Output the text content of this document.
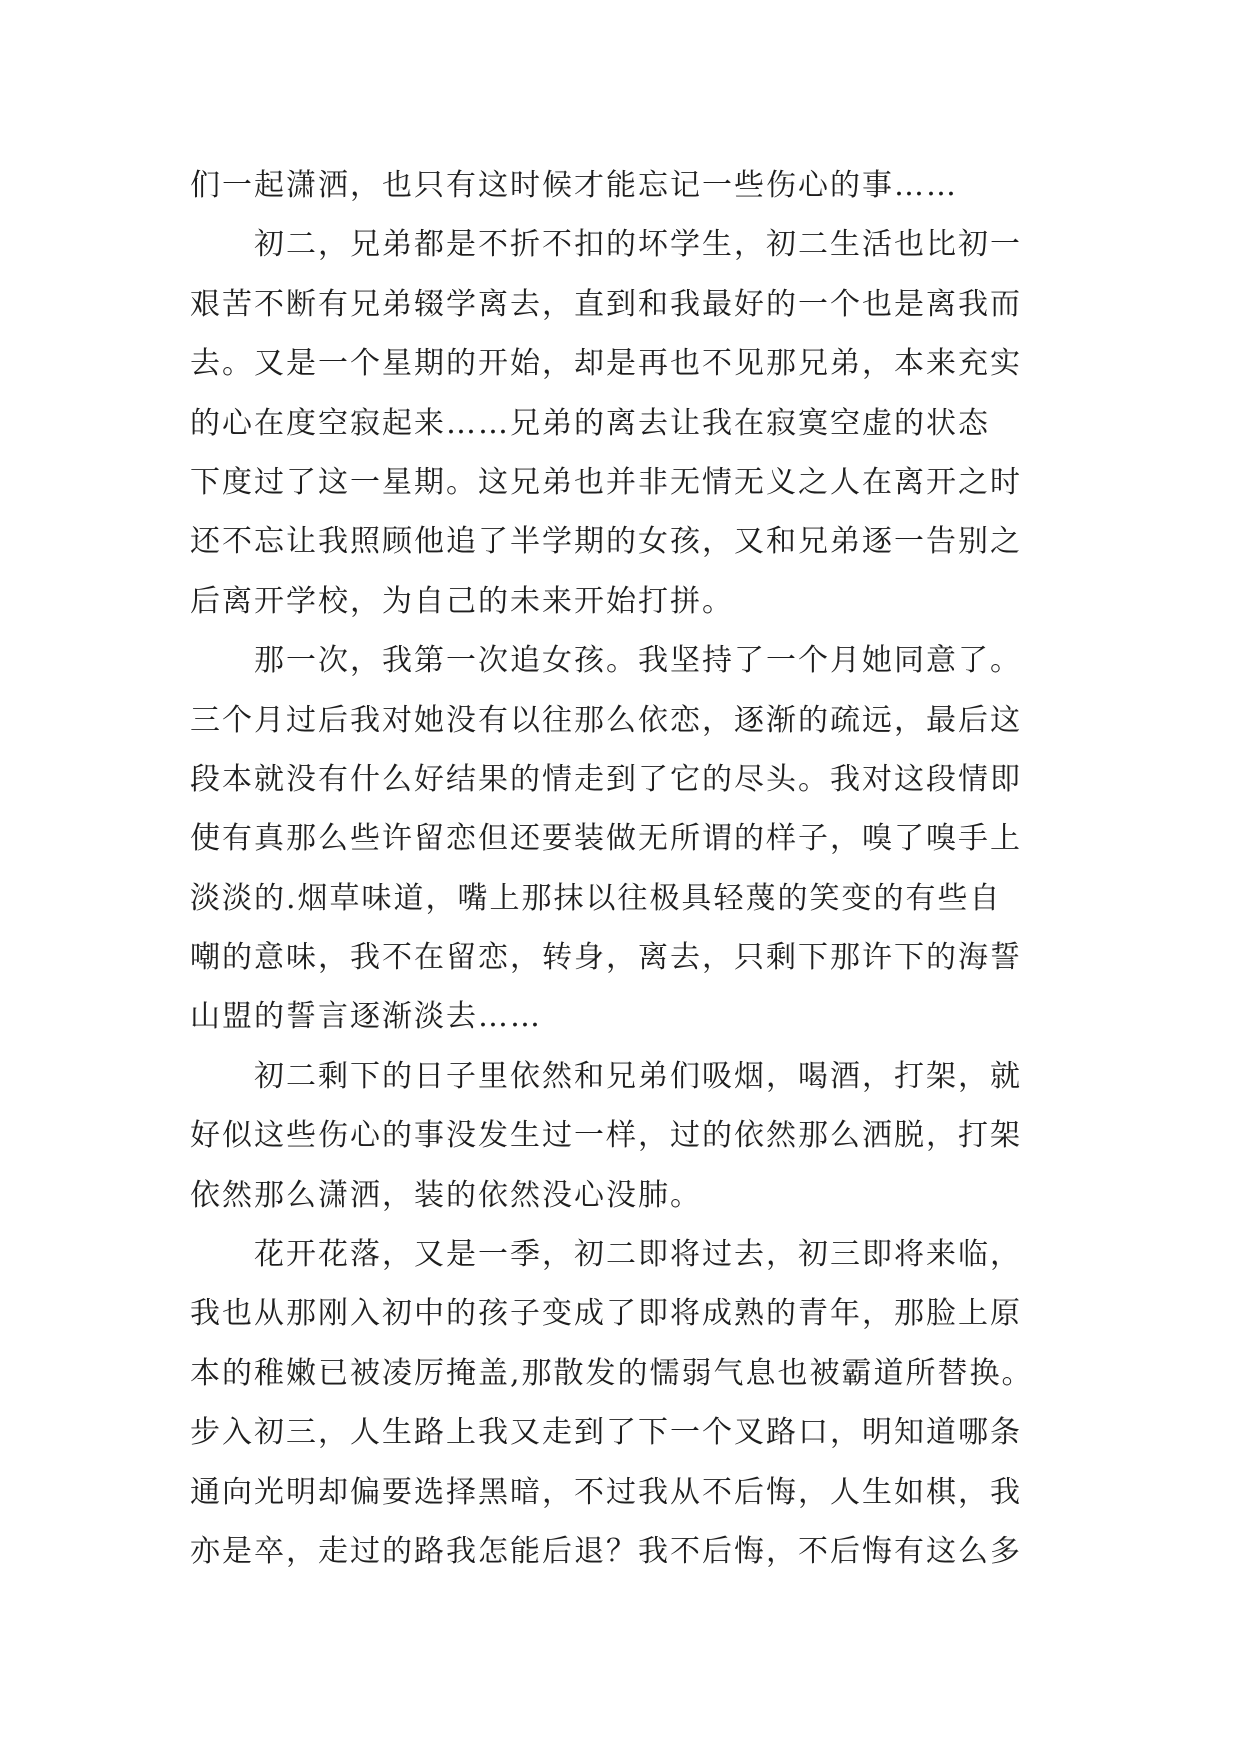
们一起潇洒，也只有这时候才能忘记一些伤心的事……
初二，兄弟都是不折不扣的坏学生，初二生活也比初一
艰苦不断有兄弟辍学离去，直到和我最好的一个也是离我而
去。又是一个星期的开始，却是再也不见那兄弟，本来充实
的心在度空寂起来……兄弟的离去让我在寂寞空虚的状态
下度过了这一星期。这兄弟也并非无情无义之人在离开之时
还不忘让我照顾他追了半学期的女孩，又和兄弟逐一告别之
后离开学校，为自己的未来开始打拼。
那一次，我第一次追女孩。我坚持了一个月她同意了。
三个月过后我对她没有以往那么依恋，逐渐的疏远，最后这
段本就没有什么好结果的情走到了它的尽头。我对这段情即
使有真那么些许留恋但还要装做无所谓的样子，嗅了嗅手上
淡淡的.烟草味道，嘴上那抹以往极具轻蔑的笑变的有些自
嘲的意味，我不在留恋，转身，离去，只剩下那许下的海誓
山盟的誓言逐渐淡去……
初二剩下的日子里依然和兄弟们吸烟，喝酒，打架，就
好似这些伤心的事没发生过一样，过的依然那么洒脱，打架
依然那么潇洒，装的依然没心没肺。
花开花落，又是一季，初二即将过去，初三即将来临，
我也从那刚入初中的孩子变成了即将成熟的青年，那脸上原
本的稚嫩已被凌厉掩盖,那散发的懦弱气息也被霸道所替换。
步入初三，人生路上我又走到了下一个叉路口，明知道哪条
通向光明却偏要选择黑暗，不过我从不后悔，人生如棋，我
亦是卒，走过的路我怎能后退？我不后悔，不后悔有这么多
